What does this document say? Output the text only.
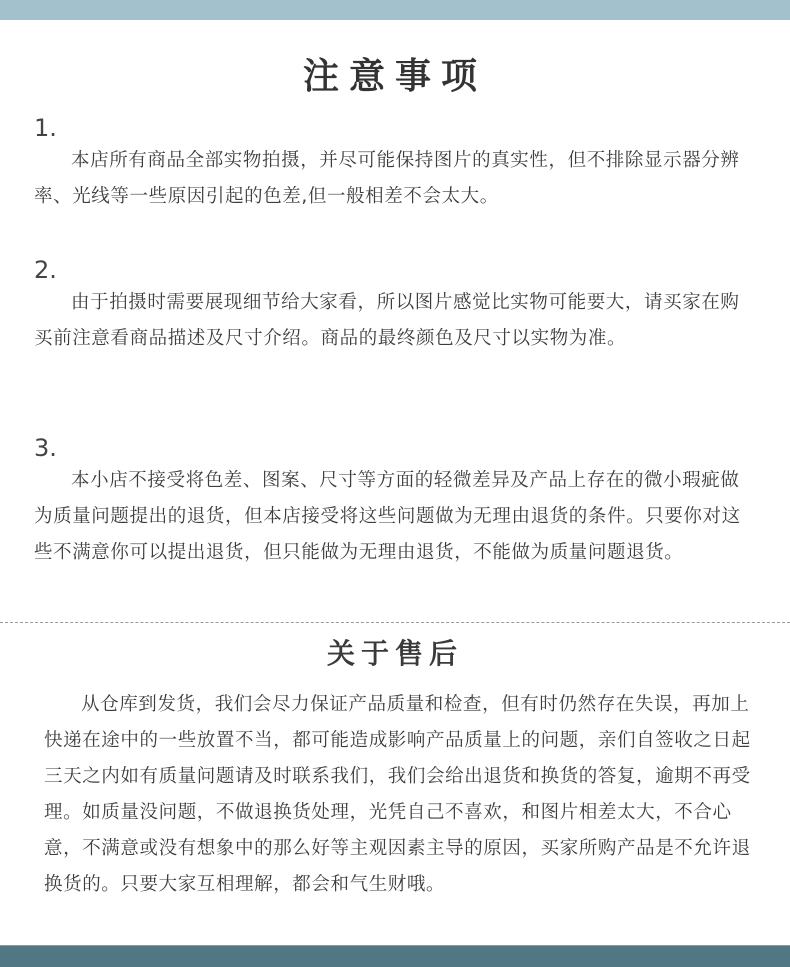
注意事项
1.

本店所有商品全部实物拍摄，并尽可能保持图片的真实性，但不排除显示器分辨率、光线等一些原因引起的色差,但一般相差不会太大。

2.

由于拍摄时需要展现细节给大家看，所以图片感觉比实物可能要大，请买家在购买前注意看商品描述及尺寸介绍。商品的最终颜色及尺寸以实物为准。

3.

本小店不接受将色差、图案、尺寸等方面的轻微差异及产品上存在的微小瑕疵做为质量问题提出的退货，但本店接受将这些问题做为无理由退货的条件。只要你对这些不满意你可以提出退货，但只能做为无理由退货，不能做为质量问题退货。

关于售后

从仓库到发货，我们会尽力保证产品质量和检查，但有时仍然存在失误，再加上快递在途中的一些放置不当，都可能造成影响产品质量上的问题，亲们自签收之日起三天之内如有质量问题请及时联系我们，我们会给出退货和换货的答复，逾期不再受理。如质量没问题，不做退换货处理，光凭自己不喜欢，和图片相差太大，不合心意，不满意或没有想象中的那么好等主观因素主导的原因，买家所购产品是不允许退换货的。只要大家互相理解，都会和气生财哦。
